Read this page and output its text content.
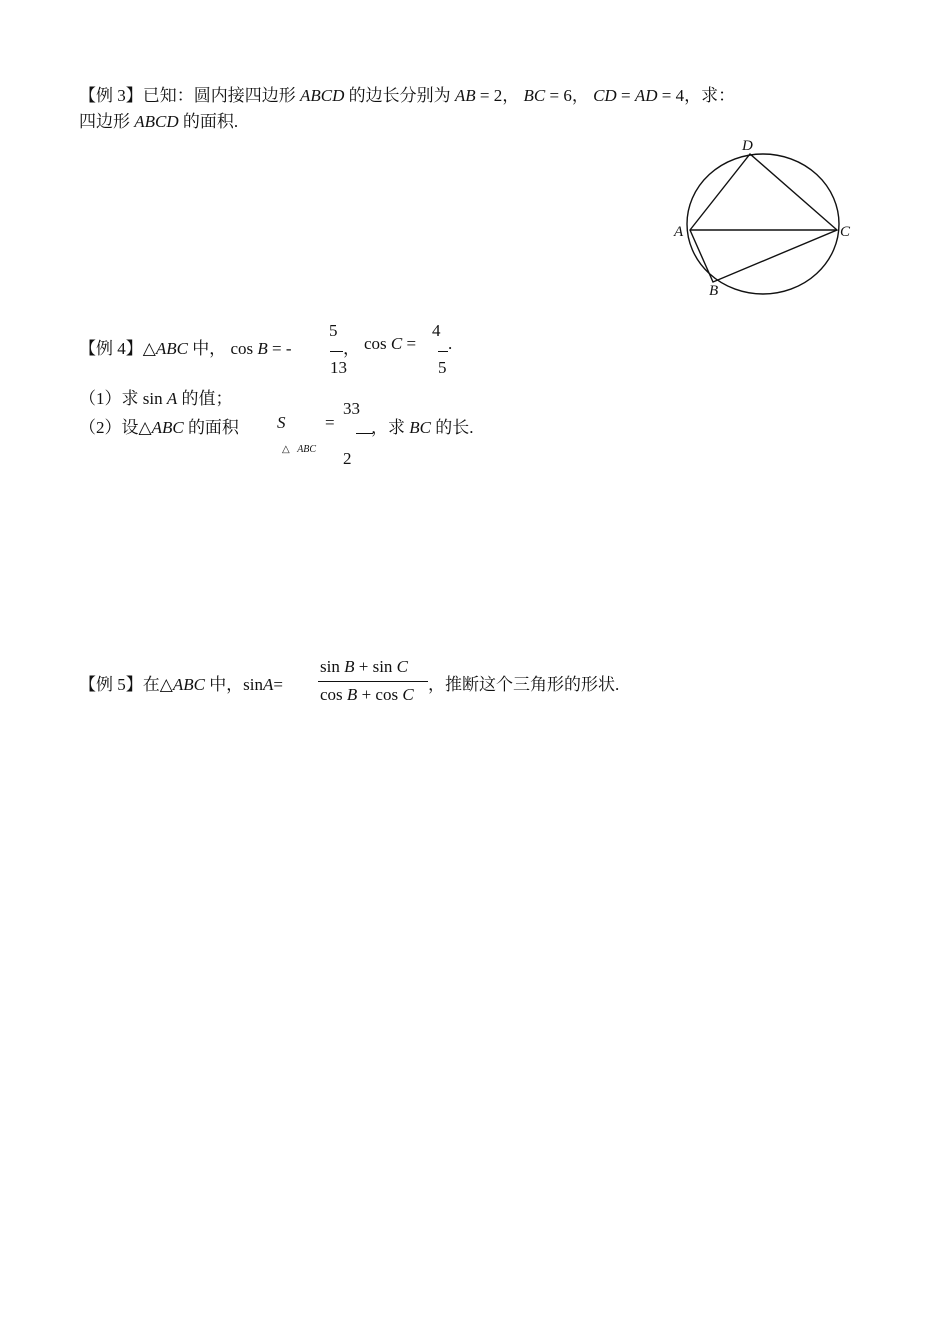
【例 3】已知：圆内接四边形 ABCD 的边长分别为 AB = 2， BC = 6， CD = AD = 4，求：
四边形 ABCD 的面积.
A
B
C
D
【例 4】△ABC 中， cos B = -
5
，
13
cos C =
4
.
5
（1）求 sin A 的值；
（2）设△ABC 的面积 S
△ ABC
=
33
2
，求 BC 的长.
【例 5】在△ABC 中，sinA=
sin B + sin C
cos B + cos C
，推断这个三角形的形状.
